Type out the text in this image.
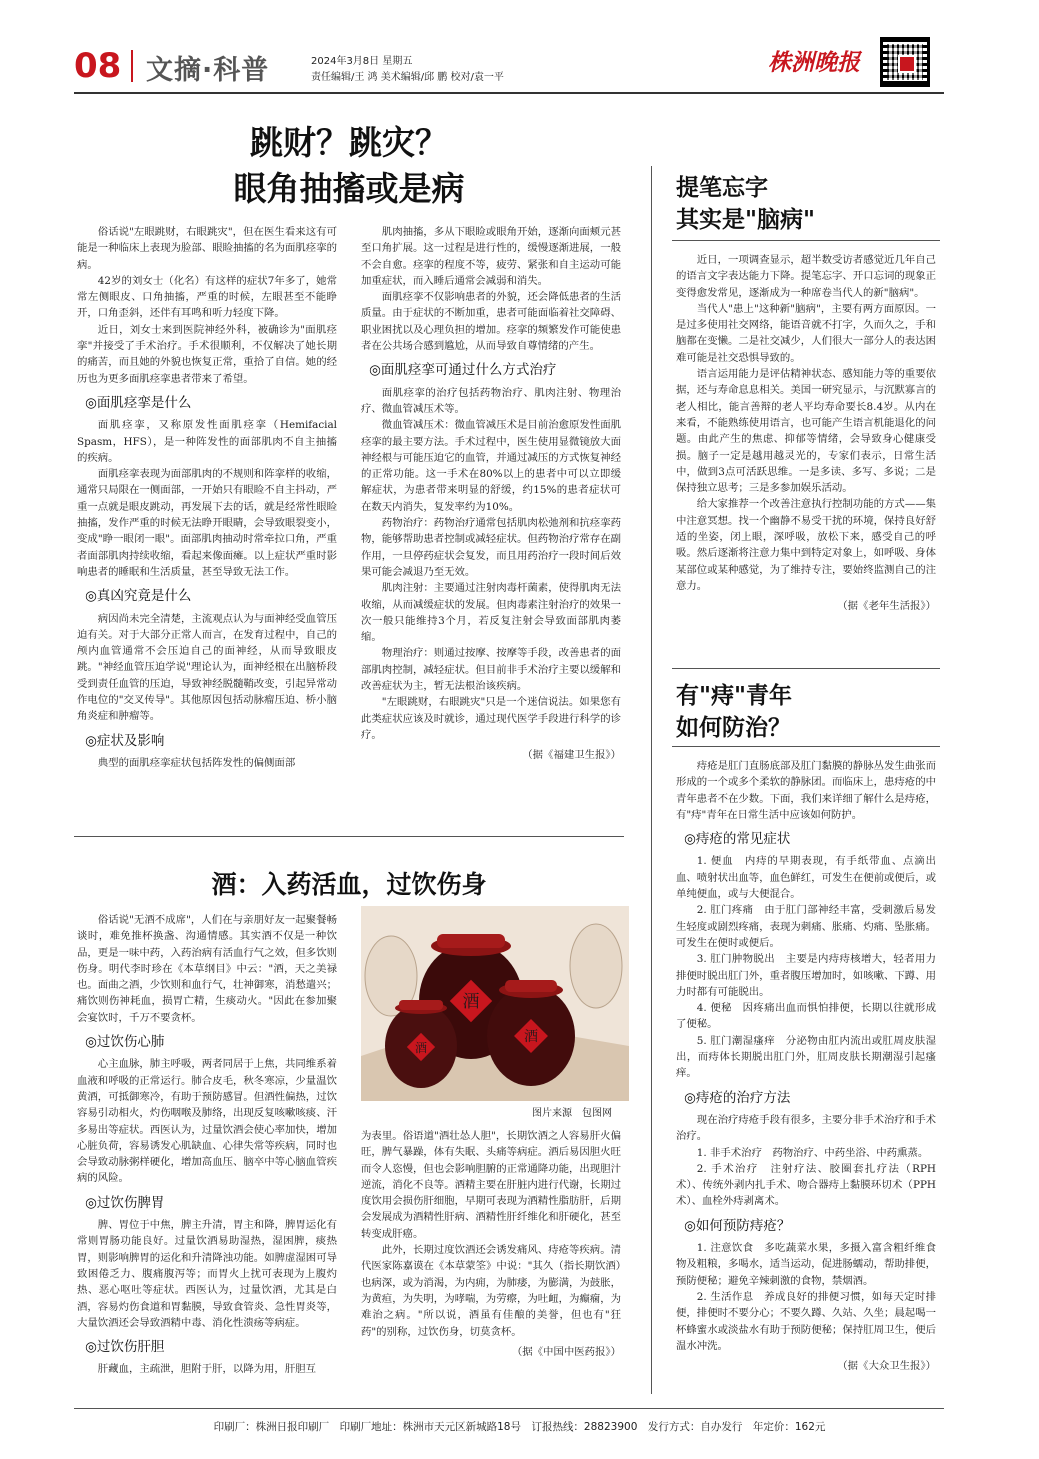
08 文摘·科普	2024年3月8日 星期五
责任编辑/王 鸿 美术编辑/邱 鹏 校对/袁一平
株洲晚报
跳财？跳灾？
眼角抽搐或是病

俗话说"左眼跳财，右眼跳灾"，但在医生看来这有可能是一种临床上表现为脸部、眼睑抽搐的名为面肌痉挛的病。

42岁的刘女士（化名）有这样的症状7年多了，她常常左侧眼皮、口角抽搐，严重的时候，左眼甚至不能睁开，口角歪斜，还伴有耳鸣和听力轻度下降。

近日，刘女士来到医院神经外科，被确诊为"面肌痉挛"并接受了手术治疗。手术很顺利，不仅解决了她长期的痛苦，而且她的外貌也恢复正常，重拾了自信。她的经历也为更多面肌痉挛患者带来了希望。

◎面肌痉挛是什么

面肌痉挛，又称原发性面肌痉挛（Hemifacial Spasm，HFS），是一种阵发性的面部肌肉不自主抽搐的疾病。

面肌痉挛表现为面部肌肉的不规则和阵挛样的收缩，通常只局限在一侧面部，一开始只有眼睑不自主抖动，严重一点就是眼皮跳动，再发展下去的话，就是经常性眼睑抽搐，发作严重的时候无法睁开眼睛，会导致眼裂变小，变成"睁一眼闭一眼"。面部肌肉抽动时常牵拉口角，严重者面部肌肉持续收缩，看起来像面瘫。以上症状严重时影响患者的睡眠和生活质量，甚至导致无法工作。

◎真凶究竟是什么

病因尚未完全清楚，主流观点认为与面神经受血管压迫有关。对于大部分正常人而言，在发育过程中，自己的颅内血管通常不会压迫自己的面神经，从而导致眼皮跳。"神经血管压迫学说"理论认为，面神经根在出脑桥段受到责任血管的压迫，导致神经脱髓鞘改变，引起异常动作电位的"交叉传导"。其他原因包括动脉瘤压迫、桥小脑角炎症和肿瘤等。

◎症状及影响

典型的面肌痉挛症状包括阵发性的偏侧面部

肌肉抽搐，多从下眼睑或眼角开始，逐渐向面颊元甚至口角扩展。这一过程是进行性的，缓慢逐渐进展，一般不会自愈。痉挛的程度不等，疲劳、紧张和自主运动可能加重症状，而入睡后通常会减弱和消失。

面肌痉挛不仅影响患者的外貌，还会降低患者的生活质量。由于症状的不断加重，患者可能面临着社交障碍、职业困扰以及心理负担的增加。痉挛的频繁发作可能使患者在公共场合感到尴尬，从而导致自尊情绪的产生。

◎面肌痉挛可通过什么方式治疗

面肌痉挛的治疗包括药物治疗、肌肉注射、物理治疗、微血管减压术等。

微血管减压术：微血管减压术是目前治愈原发性面肌痉挛的最主要方法。手术过程中，医生使用显微镜放大面神经根与可能压迫它的血管，并通过减压的方式恢复神经的正常功能。这一手术在80%以上的患者中可以立即缓解症状，为患者带来明显的舒缓，约15%的患者症状可在数天内消失，复发率约为10%。

药物治疗：药物治疗通常包括肌肉松弛剂和抗痉挛药物，能够帮助患者控制或减轻症状。但药物治疗常存在副作用，一旦停药症状会复发，而且用药治疗一段时间后效果可能会减退乃至无效。

肌肉注射：主要通过注射肉毒杆菌素，使得肌肉无法收缩，从而减缓症状的发展。但肉毒素注射治疗的效果一次一般只能维持3个月，若反复注射会导致面部肌肉萎缩。

物理治疗：则通过按摩、按摩等手段，改善患者的面部肌肉控制，减轻症状。但目前非手术治疗主要以缓解和改善症状为主，暂无法根治该疾病。

"左眼跳财，右眼跳灾"只是一个迷信说法。如果您有此类症状应该及时就诊，通过现代医学手段进行科学的诊疗。

（据《福建卫生报》）

提笔忘字
其实是"脑病"

近日，一项调查显示，超半数受访者感觉近几年自己的语言文字表达能力下降。提笔忘字、开口忘词的现象正变得愈发常见，逐渐成为一种席卷当代人的新"脑病"。

当代人"患上"这种新"脑病"，主要有两方面原因。一是过多使用社交网络，能语音就不打字，久而久之，手和脑都在变懒。二是社交减少，人们很大一部分人的表达困难可能是社交恐惧导致的。

语言运用能力是评估精神状态、感知能力等的重要依据，还与寿命息息相关。美国一研究显示，与沉默寡言的老人相比，能言善辩的老人平均寿命要长8.4岁。从内在来看，不能熟练使用语言，也可能产生语言机能退化的问题。由此产生的焦虑、抑郁等情绪，会导致身心健康受损。脑子一定是越用越灵光的，专家们表示，日常生活中，做到3点可活跃思维。一是多读、多写、多说；二是保持独立思考；三是多参加娱乐活动。

给大家推荐一个改善注意执行控制功能的方式——集中注意冥想。找一个幽静不易受干扰的环境，保持良好舒适的坐姿，闭上眼，深呼吸，放松下来，感受自己的呼吸。然后逐渐将注意力集中到特定对象上，如呼吸、身体某部位或某种感觉，为了维持专注，要始终监测自己的注意力。

（据《老年生活报》）

有"痔"青年
如何防治？

痔疮是肛门直肠底部及肛门黏膜的静脉丛发生曲张而形成的一个或多个柔软的静脉团。而临床上，患痔疮的中青年患者不在少数。下面，我们来详细了解什么是痔疮，有"痔"青年在日常生活中应该如何防护。

◎痔疮的常见症状

1. 便血　内痔的早期表现，有手纸带血、点滴出血、喷射状出血等，血色鲜红，可发生在便前或便后，或单纯便血，或与大便混合。

2. 肛门疼痛　由于肛门部神经丰富，受刺激后易发生轻度或剧烈疼痛，表现为刺痛、胀痛、灼痛、坠胀痛。可发生在便时或便后。

3. 肛门肿物脱出　主要是内痔痔核增大，轻者用力排便时脱出肛门外，重者腹压增加时，如咳嗽、下蹲、用力时都有可能脱出。

4. 便秘　因疼痛出血而惧怕排便，长期以往就形成了便秘。

5. 肛门潮湿瘙痒　分泌物由肛内流出或肛周皮肤湿出，而痔体长期脱出肛门外，肛周皮肤长期潮湿引起瘙痒。

◎痔疮的治疗方法

现在治疗痔疮手段有很多，主要分非手术治疗和手术治疗。

1. 非手术治疗　药物治疗、中药坐浴、中药熏蒸。

2. 手术治疗　注射疗法、胶圈套扎疗法（RPH术）、传统外剥内扎手术、吻合器痔上黏膜环切术（PPH术）、血栓外痔剥离术。

◎如何预防痔疮？

1. 注意饮食　多吃蔬菜水果，多摄入富含粗纤维食物及粗粮，多喝水，适当运动，促进肠蠕动，帮助排便，预防便秘；避免辛辣刺激的食物，禁烟酒。

2. 生活作息　养成良好的排便习惯，如每天定时排便，排便时不要分心；不要久蹲、久站、久坐；晨起喝一杯蜂蜜水或淡盐水有助于预防便秘；保持肛周卫生，便后温水冲洗。

（据《大众卫生报》）

酒：入药活血，过饮伤身
酒
酒
酒
图片来源　包图网

俗话说"无酒不成席"，人们在与亲朋好友一起聚餐畅谈时，难免推杯换盏、沟通情感。其实酒不仅是一种饮品，更是一味中药，入药治病有活血行气之效，但多饮则伤身。明代李时珍在《本草纲目》中云："酒，天之美禄也。面曲之酒，少饮则和血行气，壮神御寒，消愁遣兴；痛饮则伤神耗血，损胃亡精，生痰动火。"因此在参加聚会宴饮时，千万不要贪杯。

◎过饮伤心肺

心主血脉，肺主呼吸，两者同居于上焦，共同维系着血液和呼吸的正常运行。肺合皮毛，秋冬寒凉，少量温饮黄酒，可抵御寒冷，有助于预防感冒。但酒性偏热，过饮容易引动相火，灼伤咽喉及肺络，出现反复咳嗽咳痰、汗多易出等症状。西医认为，过量饮酒会使心率加快，增加心脏负荷，容易诱发心肌缺血、心律失常等疾病，同时也会导致动脉粥样硬化，增加高血压、脑卒中等心脑血管疾病的风险。

◎过饮伤脾胃

脾、胃位于中焦，脾主升清，胃主和降，脾胃运化有常则胃肠功能良好。过量饮酒易助湿热，湿困脾，痰热胃，则影响脾胃的运化和升清降浊功能。如脾虚湿困可导致困倦乏力、腹痛腹泻等；而胃火上扰可表现为上腹灼热、恶心呕吐等症状。西医认为，过量饮酒，尤其是白酒，容易灼伤食道和胃黏膜，导致食管炎、急性胃炎等，大量饮酒还会导致酒精中毒、消化性溃疡等病症。

◎过饮伤肝胆

肝藏血，主疏泄，胆附于肝，以降为用，肝胆互

为表里。俗语道"酒壮怂人胆"，长期饮酒之人容易肝火偏旺，脾气暴躁，体有失眠、头痛等病症。酒后易因胆火旺而令人恣慢，但也会影响胆腑的正常通降功能，出现胆汁逆流，消化不良等。酒精主要在肝脏内进行代谢，长期过度饮用会损伤肝细胞，早期可表现为酒精性脂肪肝，后期会发展成为酒精性肝病、酒精性肝纤维化和肝硬化，甚至转变成肝癌。

此外，长期过度饮酒还会诱发痛风、痔疮等疾病。清代医家陈嘉谟在《本草蒙筌》中说："其久（指长期饮酒）也病深，或为消渴，为内痈，为肺痿，为膨满，为鼓胀，为黄疸，为失明，为哮喘，为劳瘵，为吐衄，为癫痫，为难治之病。"所以说，酒虽有佳酿的美誉，但也有"狂药"的别称，过饮伤身，切莫贪杯。

（据《中国中医药报》）

印刷厂：株洲日报印刷厂　印刷厂地址：株洲市天元区新城路18号　订报热线：28823900　发行方式：自办发行　年定价：162元
